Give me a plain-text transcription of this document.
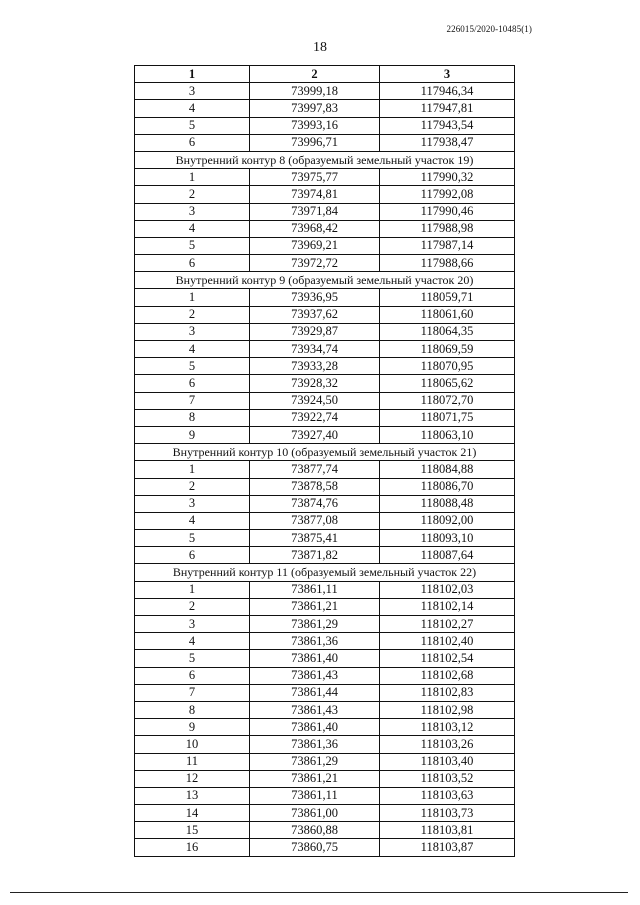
226015/2020-10485(1)
18
1	2	3
3	73999,18	117946,34
4	73997,83	117947,81
5	73993,16	117943,54
6	73996,71	117938,47
Внутренний контур 8 (образуемый земельный участок 19)		
1	73975,77	117990,32
2	73974,81	117992,08
3	73971,84	117990,46
4	73968,42	117988,98
5	73969,21	117987,14
6	73972,72	117988,66
Внутренний контур 9 (образуемый земельный участок 20)		
1	73936,95	118059,71
2	73937,62	118061,60
3	73929,87	118064,35
4	73934,74	118069,59
5	73933,28	118070,95
6	73928,32	118065,62
7	73924,50	118072,70
8	73922,74	118071,75
9	73927,40	118063,10
Внутренний контур 10 (образуемый земельный участок 21)		
1	73877,74	118084,88
2	73878,58	118086,70
3	73874,76	118088,48
4	73877,08	118092,00
5	73875,41	118093,10
6	73871,82	118087,64
Внутренний контур 11 (образуемый земельный участок 22)		
1	73861,11	118102,03
2	73861,21	118102,14
3	73861,29	118102,27
4	73861,36	118102,40
5	73861,40	118102,54
6	73861,43	118102,68
7	73861,44	118102,83
8	73861,43	118102,98
9	73861,40	118103,12
10	73861,36	118103,26
11	73861,29	118103,40
12	73861,21	118103,52
13	73861,11	118103,63
14	73861,00	118103,73
15	73860,88	118103,81
16	73860,75	118103,87
